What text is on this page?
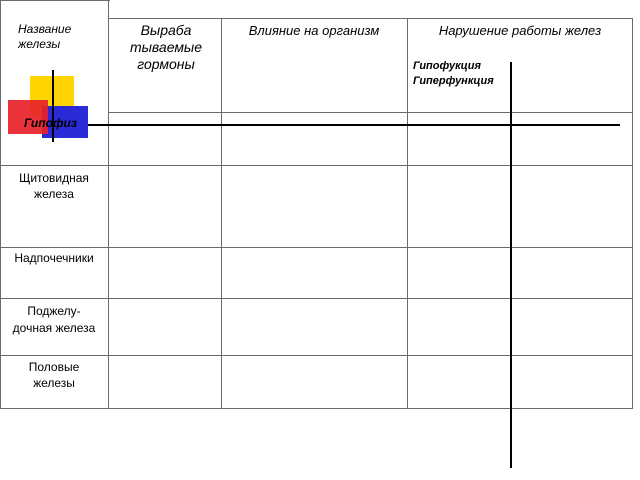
Название железы
Выраба тываемые гормоны
Влияние на организм	Нарушение работы желез
Гипофукция
Гиперфункция
Гипофиз
Щитовидная железа
Надпочечники
Поджелу-дочная железа
Половые железы
